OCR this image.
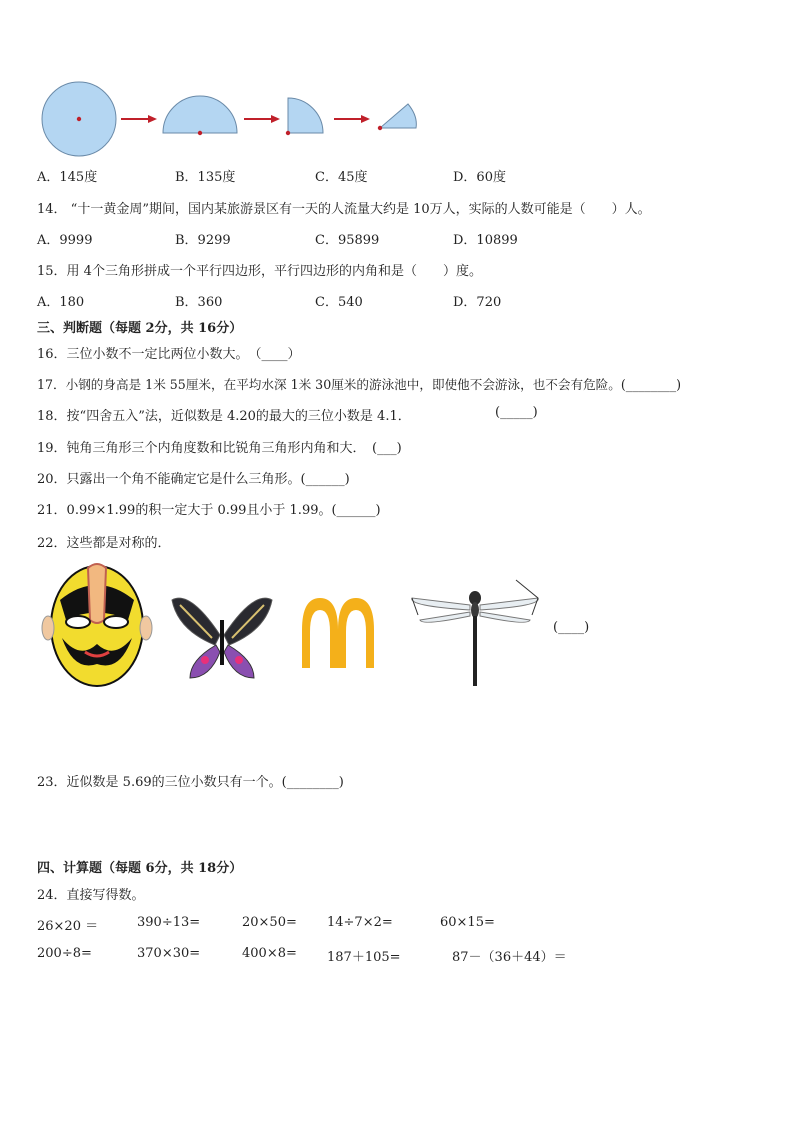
A．145度	B．135度	C．45度	D．60度
14． “十一黄金周”期间，国内某旅游景区有一天的人流量大约是 10万人，实际的人数可能是（　　）人。
A．9999	B．9299	C．95899	D．10899
15．用 4个三角形拼成一个平行四边形，平行四边形的内角和是（　　）度。
A．180	B．360	C．540	D．720
三、判断题（每题 2分，共 16分）
16．三位小数不一定比两位小数大。　（____）
17．小钢的身高是 1米 55厘米，在平均水深 1米 30厘米的游泳池中，即使他不会游泳，也不会有危险。(________)
18．按“四舍五入”法，近似数是 4.20的最大的三位小数是 4.1．	(_____)
19．钝角三角形三个内角度数和比锐角三角形内角和大．　(___)
20．只露出一个角不能确定它是什么三角形。(______)
21．0.99×1.99的积一定大于 0.99且小于 1.99。(______)
22．这些都是对称的．
(____)
23．近似数是 5.69的三位小数只有一个。(________)
四、计算题（每题 6分，共 18分）
24．直接写得数。
26×20 ＝	390÷13=	20×50= 14÷7×2=	60×15=
200÷8=	370×30=	400×8= 187＋105=	87－（36＋44）＝
